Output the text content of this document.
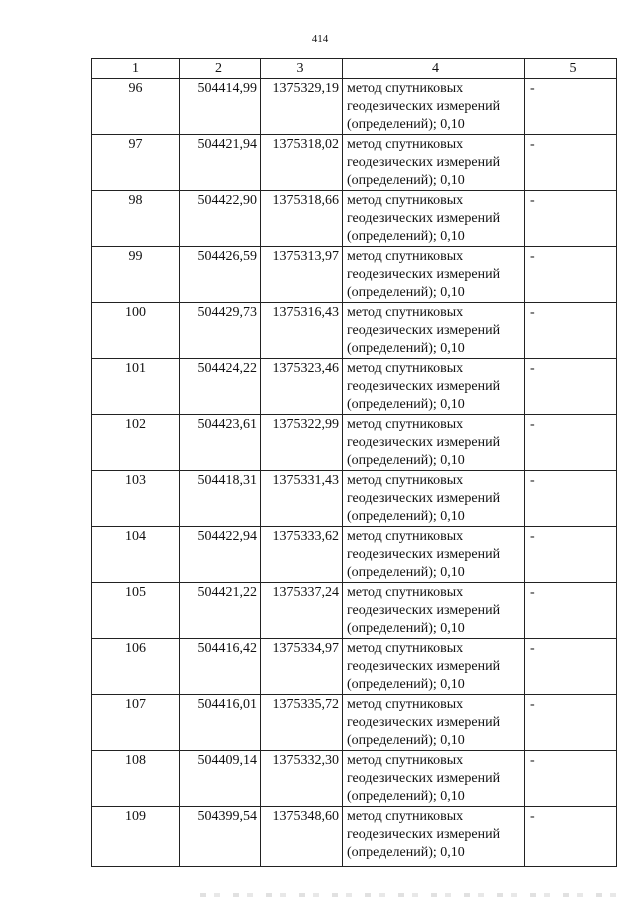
414
1	2	3	4	5
96	504414,99	1375329,19	метод спутниковых геодезических измерений (определений); 0,10	-
97	504421,94	1375318,02	метод спутниковых геодезических измерений (определений); 0,10	-
98	504422,90	1375318,66	метод спутниковых геодезических измерений (определений); 0,10	-
99	504426,59	1375313,97	метод спутниковых геодезических измерений (определений); 0,10	-
100	504429,73	1375316,43	метод спутниковых геодезических измерений (определений); 0,10	-
101	504424,22	1375323,46	метод спутниковых геодезических измерений (определений); 0,10	-
102	504423,61	1375322,99	метод спутниковых геодезических измерений (определений); 0,10	-
103	504418,31	1375331,43	метод спутниковых геодезических измерений (определений); 0,10	-
104	504422,94	1375333,62	метод спутниковых геодезических измерений (определений); 0,10	-
105	504421,22	1375337,24	метод спутниковых геодезических измерений (определений); 0,10	-
106	504416,42	1375334,97	метод спутниковых геодезических измерений (определений); 0,10	-
107	504416,01	1375335,72	метод спутниковых геодезических измерений (определений); 0,10	-
108	504409,14	1375332,30	метод спутниковых геодезических измерений (определений); 0,10	-
109	504399,54	1375348,60	метод спутниковых геодезических измерений (определений); 0,10	-
